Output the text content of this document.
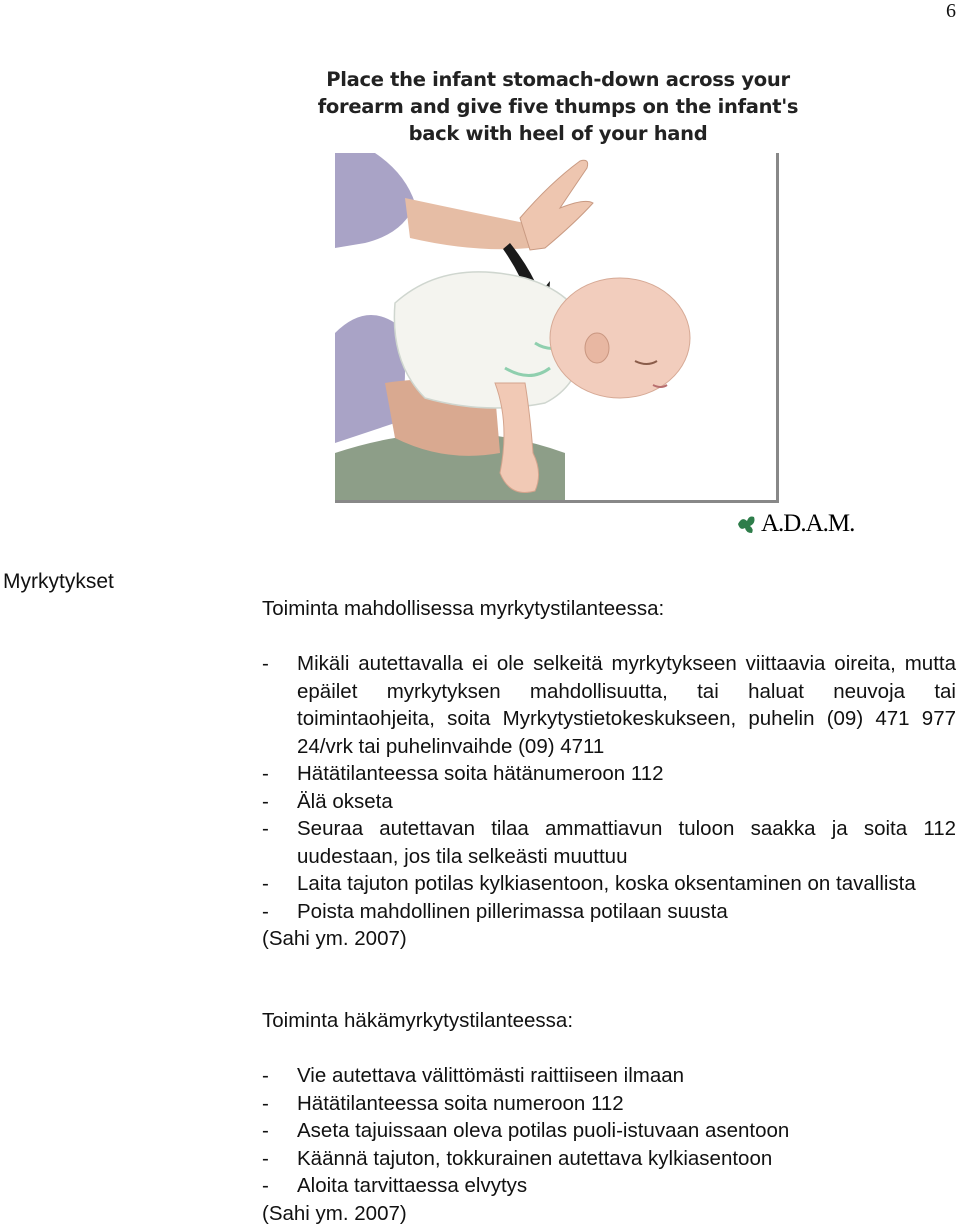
6
Place the infant stomach-down across your
forearm and give five thumps on the infant's
back with heel of your hand
A.D.A.M.
Myrkytykset
Toiminta mahdollisessa myrkytystilanteessa:
- Mikäli autettavalla ei ole selkeitä myrkytykseen viittaavia oireita, mutta epäilet myrkytyksen mahdollisuutta, tai haluat neuvoja tai toimintaohjeita, soita Myrkytystietokeskukseen, puhelin (09) 471 977 24/vrk tai puhelinvaihde (09) 4711
- Hätätilanteessa soita hätänumeroon 112
- Älä okseta
- Seuraa autettavan tilaa ammattiavun tuloon saakka ja soita 112 uudestaan, jos tila selkeästi muuttuu
- Laita tajuton potilas kylkiasentoon, koska oksentaminen on tavallista
- Poista mahdollinen pillerimassa potilaan suusta

(Sahi ym. 2007)

Toiminta häkämyrkytystilanteessa:
- Vie autettava välittömästi raittiiseen ilmaan
- Hätätilanteessa soita numeroon 112
- Aseta tajuissaan oleva potilas puoli-istuvaan asentoon
- Käännä tajuton, tokkurainen autettava kylkiasentoon
- Aloita tarvittaessa elvytys

(Sahi ym. 2007)
